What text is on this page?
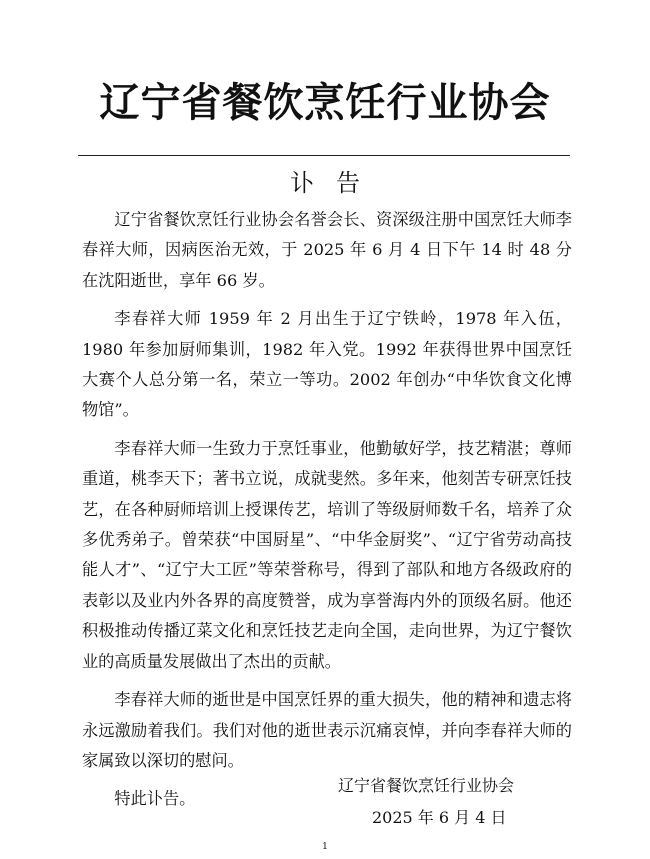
辽宁省餐饮烹饪行业协会
讣告

辽宁省餐饮烹饪行业协会名誉会长、资深级注册中国烹饪大师李春祥大师，因病医治无效，于 2025 年 6 月 4 日下午 14 时 48 分在沈阳逝世，享年 66 岁。

李春祥大师 1959 年 2 月出生于辽宁铁岭，1978 年入伍，1980 年参加厨师集训，1982 年入党。1992 年获得世界中国烹饪大赛个人总分第一名，荣立一等功。2002 年创办“中华饮食文化博物馆”。

李春祥大师一生致力于烹饪事业，他勤敏好学，技艺精湛；尊师重道，桃李天下；著书立说，成就斐然。多年来，他刻苦专研烹饪技艺，在各种厨师培训上授课传艺，培训了等级厨师数千名，培养了众多优秀弟子。曾荣获“中国厨星”、“中华金厨奖”、“辽宁省劳动高技能人才”、“辽宁大工匠”等荣誉称号，得到了部队和地方各级政府的表彰以及业内外各界的高度赞誉，成为享誉海内外的顶级名厨。他还积极推动传播辽菜文化和烹饪技艺走向全国，走向世界，为辽宁餐饮业的高质量发展做出了杰出的贡献。

李春祥大师的逝世是中国烹饪界的重大损失，他的精神和遗志将永远激励着我们。我们对他的逝世表示沉痛哀悼，并向李春祥大师的家属致以深切的慰问。

特此讣告。
辽宁省餐饮烹饪行业协会
2025 年 6 月 4 日
1
